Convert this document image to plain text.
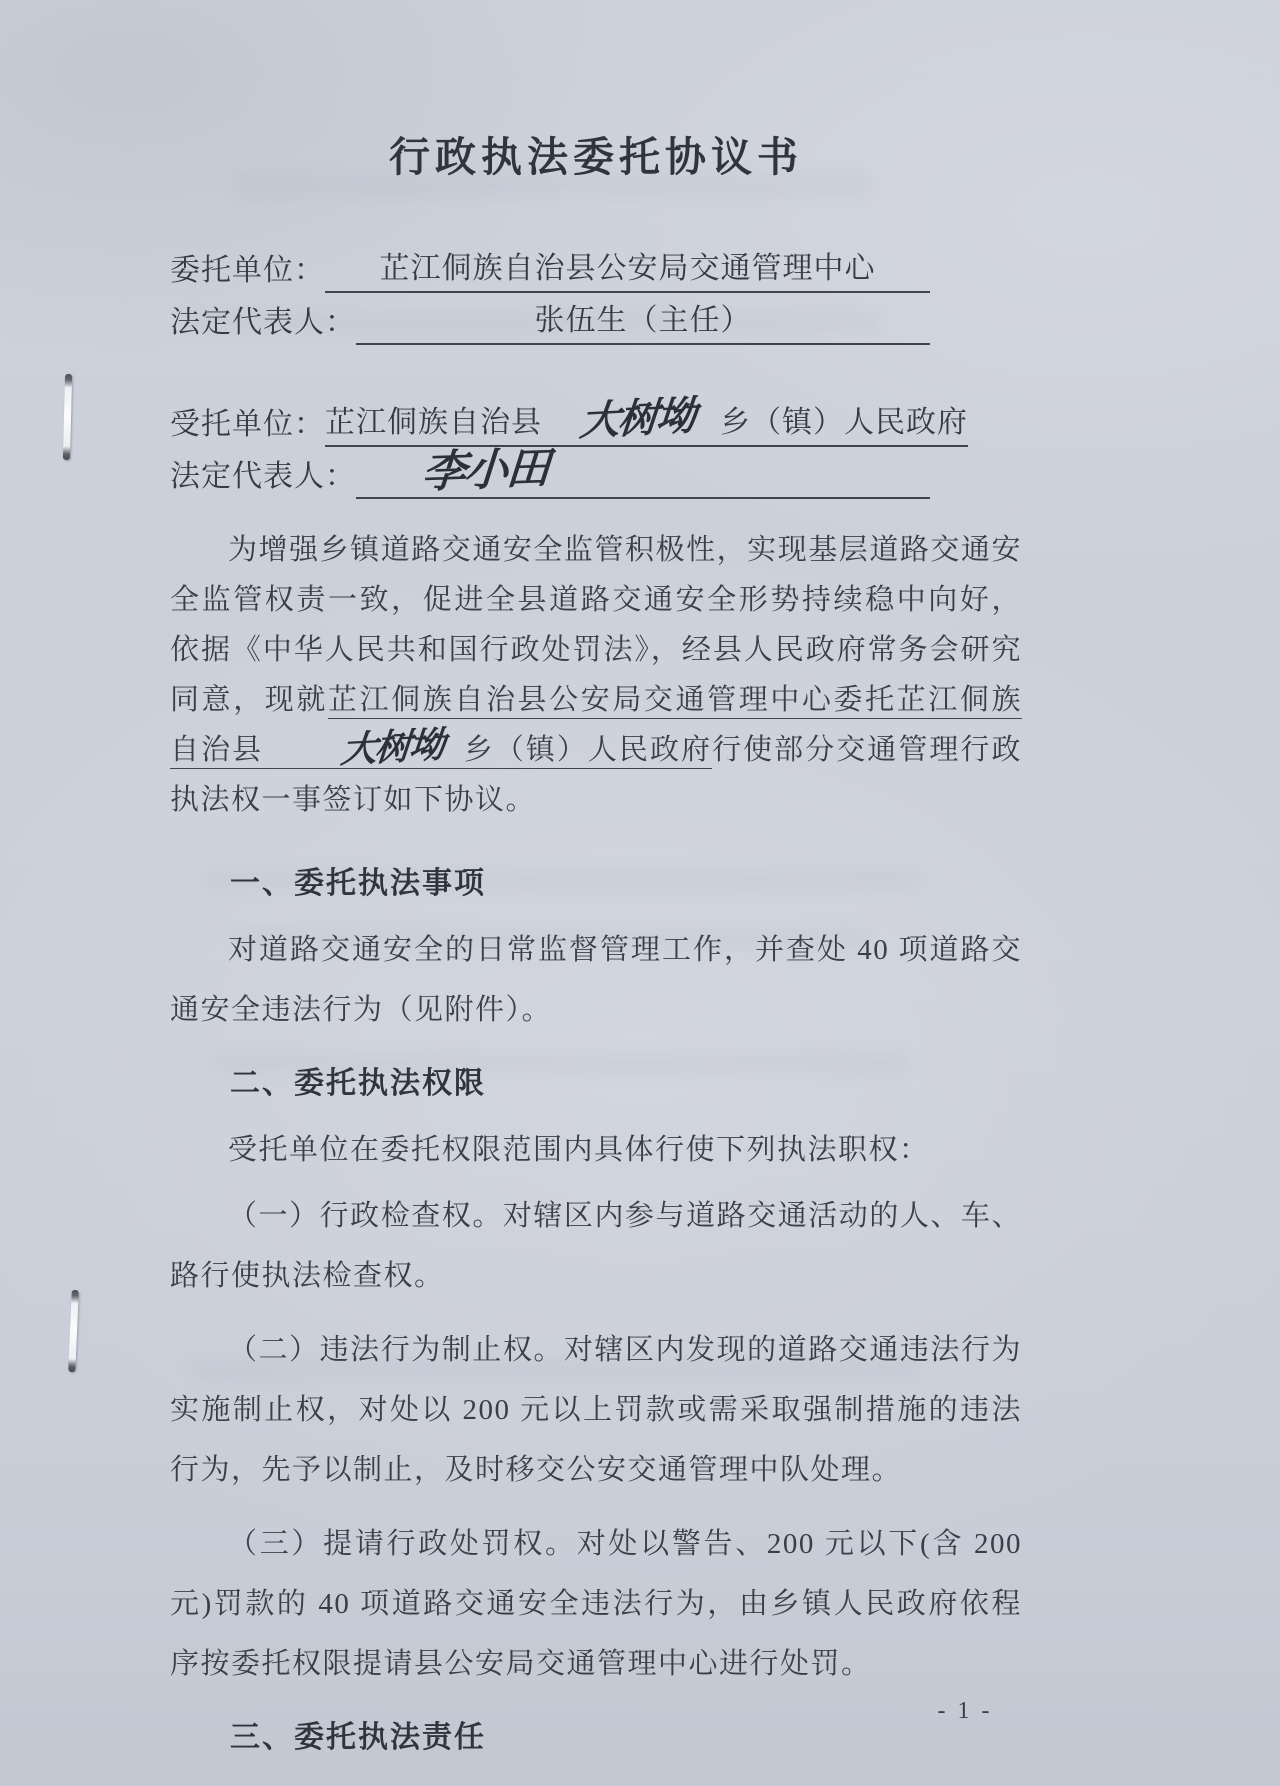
行政执法委托协议书
委托单位：	芷江侗族自治县公安局交通管理中心
法定代表人：	张伍生（主任）
受托单位： 芷江侗族自治县 大树坳 乡（镇）人民政府
法定代表人：	李小田

为增强乡镇道路交通安全监管积极性，实现基层道路交通安全监管权责一致，促进全县道路交通安全形势持续稳中向好，依据《中华人民共和国行政处罚法》，经县人民政府常务会研究同意，现就芷江侗族自治县公安局交通管理中心委托芷江侗族自治县 大树坳 乡（镇）人民政府行使部分交通管理行政执法权一事签订如下协议。

一、委托执法事项

对道路交通安全的日常监督管理工作，并查处 40 项道路交通安全违法行为（见附件）。

二、委托执法权限

受托单位在委托权限范围内具体行使下列执法职权：

（一）行政检查权。对辖区内参与道路交通活动的人、车、路行使执法检查权。

（二）违法行为制止权。对辖区内发现的道路交通违法行为实施制止权，对处以 200 元以上罚款或需采取强制措施的违法行为，先予以制止，及时移交公安交通管理中队处理。

（三）提请行政处罚权。对处以警告、200 元以下(含 200 元)罚款的 40 项道路交通安全违法行为，由乡镇人民政府依程序按委托权限提请县公安局交通管理中心进行处罚。

三、委托执法责任
- 1 -
